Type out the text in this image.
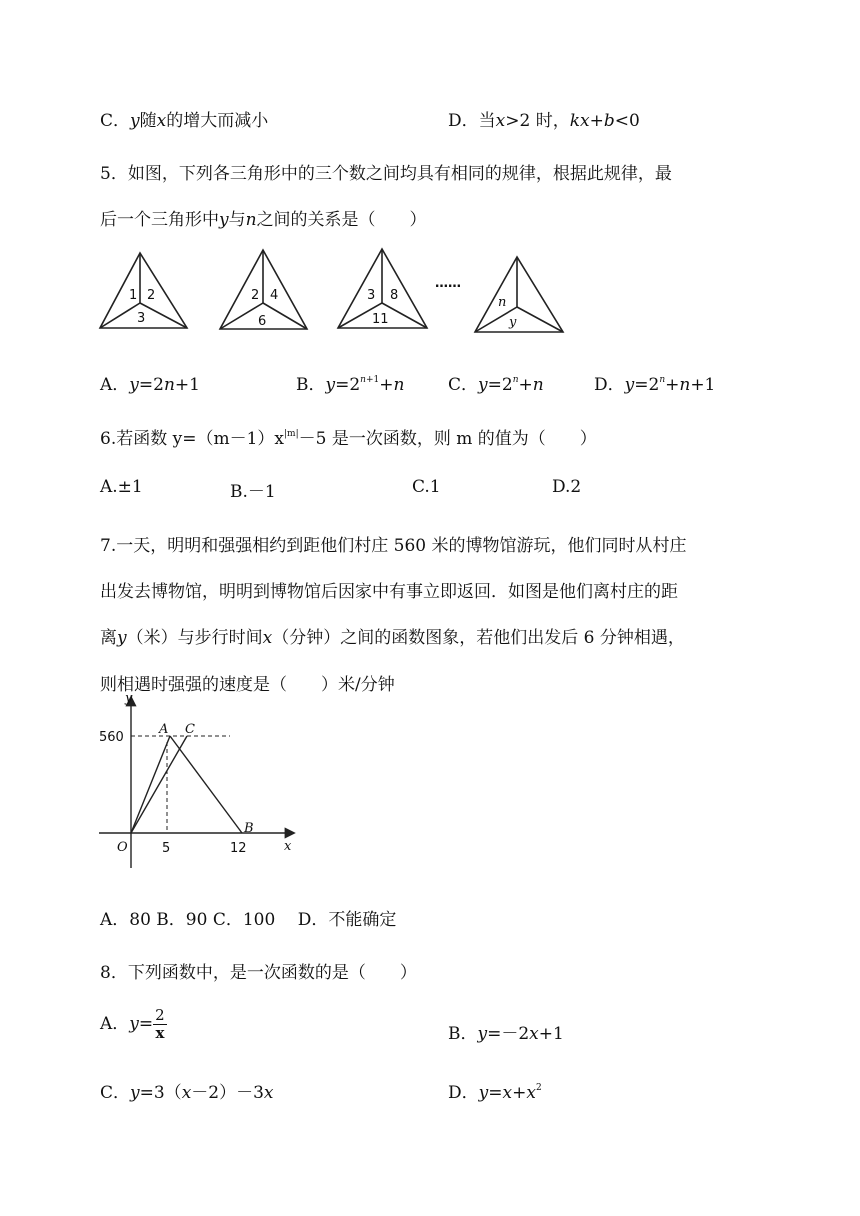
C．y随x的增大而减小	D．当x>2 时，kx+b<0
5．如图，下列各三角形中的三个数之间均具有相同的规律，根据此规律，最
后一个三角形中y与n之间的关系是（　　）
1 2
3
2 4
6
3 8
11
n
y
……
A．y=2n+1	B．$y=2^{n+1}+n$	C．$y=2^n+n$	D．$y=2^n+n+1$
6.若函数 $y=(m-1)x^{|m|}-5$ 是一次函数，则 m 的值为（　　）
A.±1	B.－1	C.1	D.2
7.一天，明明和强强相约到距他们村庄 560 米的博物馆游玩，他们同时从村庄
出发去博物馆，明明到博物馆后因家中有事立即返回．如图是他们离村庄的距
离y（米）与步行时间x（分钟）之间的函数图象，若他们出发后 6 分钟相遇，
则相遇时强强的速度是（　　）米/分钟
y
x
O
560
5	12
A C
B
A．80 B．90 C．100　 D．不能确定
8．下列函数中，是一次函数的是（　　）
A．$y= \frac{2}{x}$	B．y=－2x+1
C．y=3（x－2）－3x	D．$y=x+x^2$
